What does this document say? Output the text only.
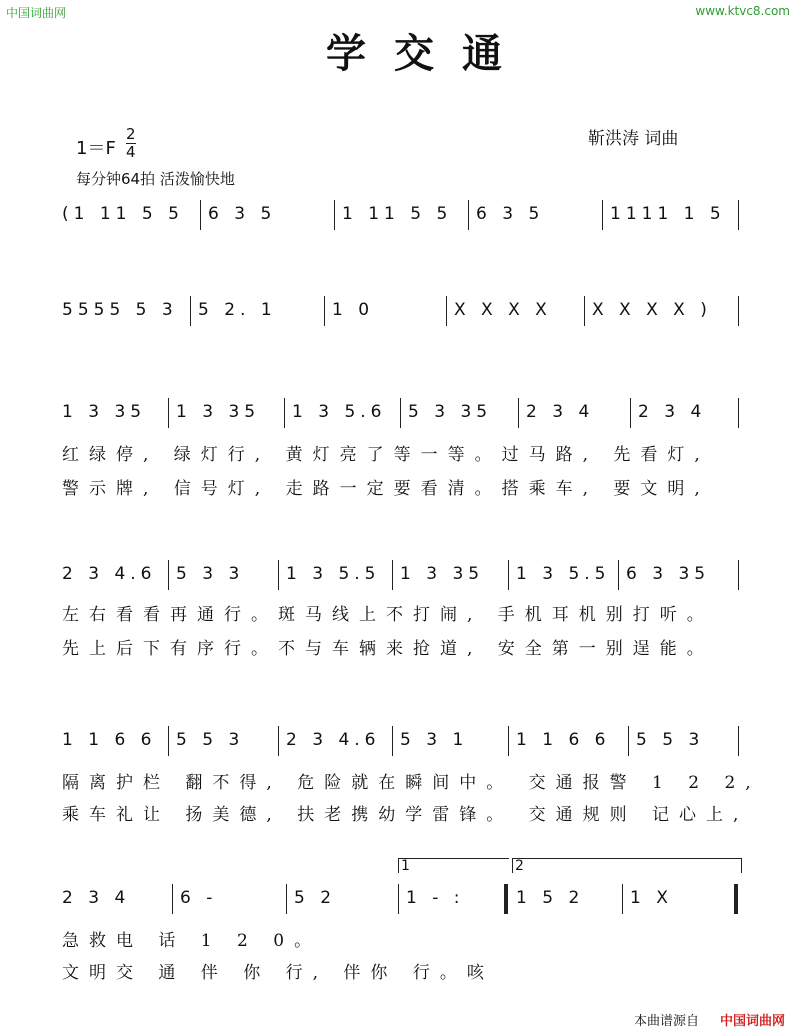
中国词曲网	www.ktvc8.com
学交通
1＝F
2
4
每分钟64拍 活泼愉快地
靳洪涛 词曲
(1 11 5 5 6 3 5	1 11 5 5 6 3 5	1111 1 5
5555 5 3 5 2. 1	1 0	X X X X X X X X )
1 3 35 1 3 35 1 3 5.6 5 3 35 2 3 4	2 3 4
红绿停, 绿灯行, 黄灯亮了等一等。过马路, 先看灯,
警示牌, 信号灯, 走路一定要看清。搭乘车, 要文明,
2 3 4.6 5 3 3 1 3 5.5 1 3 35 1 3 5.5 6 3 35
左右看看再通行。斑马线上不打闹, 手机耳机别打听。
先上后下有序行。不与车辆来抢道, 安全第一别逞能。
1 1 6 6 5 5 3 2 3 4.6 5 3 1	1 1 6 6 5 5 3
隔离护栏 翻不得, 危险就在瞬间中。 交通报警 1 2 2,
乘车礼让 扬美德, 扶老携幼学雷锋。 交通规则 记心上,
1	2
2 3 4	6 -	5 2	1 - :	1 5 2	1 X
急救电 话 1 2 0。
文明交 通 伴 你 行, 伴你 行。咳
本曲谱源自 中国词曲网
